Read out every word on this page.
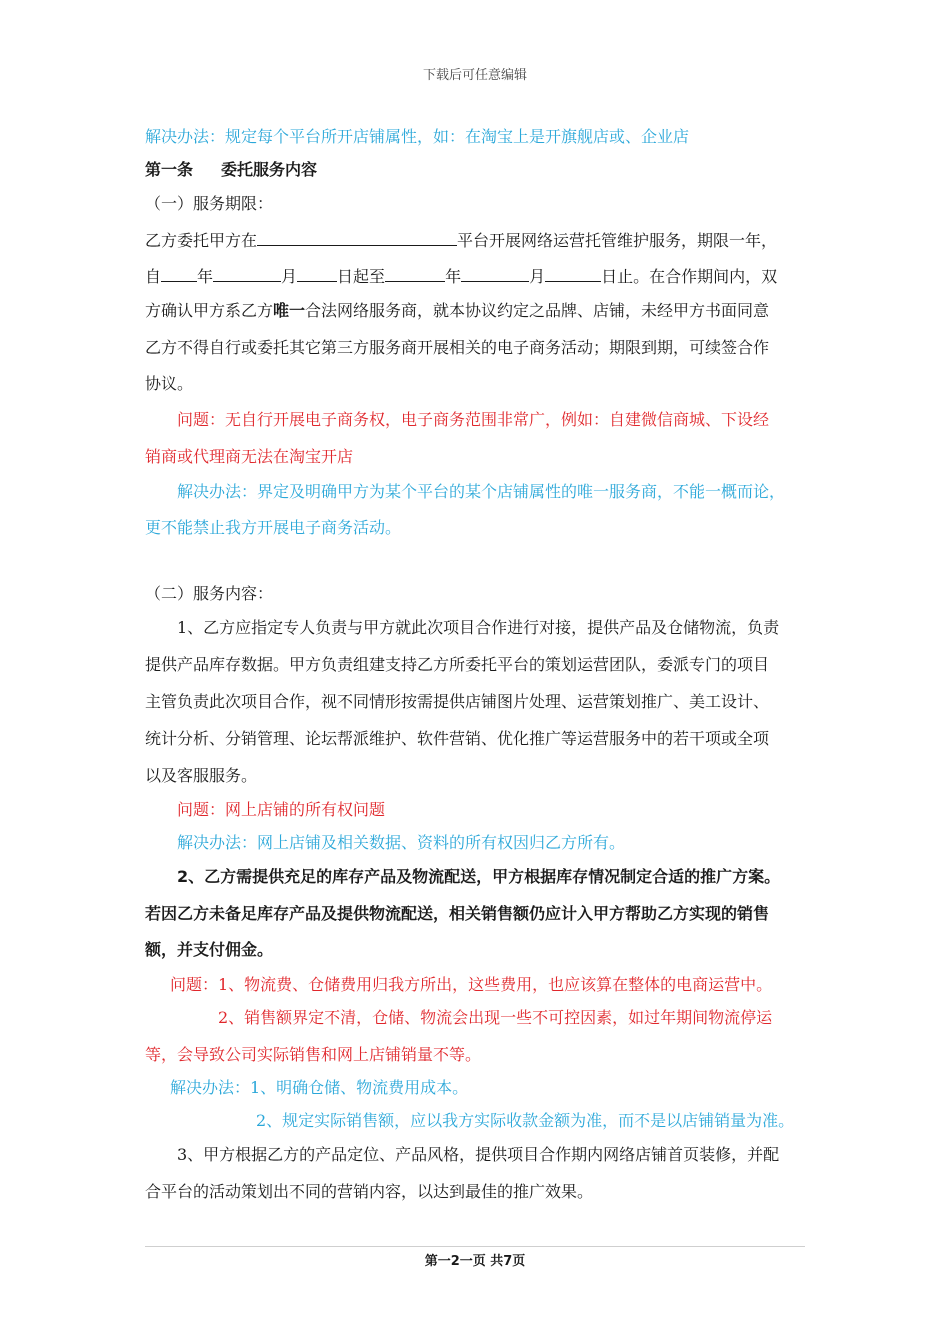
下载后可任意编辑
解决办法：规定每个平台所开店铺属性，如：在淘宝上是开旗舰店或、企业店
第一条 委托服务内容
（一）服务期限：
乙方委托甲方在	平台开展网络运营托管维护服务，期限一年，
自 年	月	日起至	年	月	日止。在合作期间内，双
方确认甲方系乙方唯一合法网络服务商，就本协议约定之品牌、店铺，未经甲方书面同意
乙方不得自行或委托其它第三方服务商开展相关的电子商务活动；期限到期，可续签合作
协议。
问题：无自行开展电子商务权，电子商务范围非常广，例如：自建微信商城、下设经
销商或代理商无法在淘宝开店
解决办法：界定及明确甲方为某个平台的某个店铺属性的唯一服务商，不能一概而论，
更不能禁止我方开展电子商务活动。
（二）服务内容：
1、乙方应指定专人负责与甲方就此次项目合作进行对接，提供产品及仓储物流，负责
提供产品库存数据。甲方负责组建支持乙方所委托平台的策划运营团队，委派专门的项目
主管负责此次项目合作，视不同情形按需提供店铺图片处理、运营策划推广、美工设计、
统计分析、分销管理、论坛帮派维护、软件营销、优化推广等运营服务中的若干项或全项
以及客服服务。
问题：网上店铺的所有权问题
解决办法：网上店铺及相关数据、资料的所有权因归乙方所有。
2、乙方需提供充足的库存产品及物流配送，甲方根据库存情况制定合适的推广方案。
若因乙方未备足库存产品及提供物流配送，相关销售额仍应计入甲方帮助乙方实现的销售
额，并支付佣金。
问题：1、物流费、仓储费用归我方所出，这些费用，也应该算在整体的电商运营中。
2、销售额界定不清，仓储、物流会出现一些不可控因素，如过年期间物流停运
等，会导致公司实际销售和网上店铺销量不等。
解决办法：1、明确仓储、物流费用成本。
2、规定实际销售额，应以我方实际收款金额为准，而不是以店铺销量为准。
3、甲方根据乙方的产品定位、产品风格，提供项目合作期内网络店铺首页装修，并配
合平台的活动策划出不同的营销内容，以达到最佳的推广效果。
第一2一页 共7页
